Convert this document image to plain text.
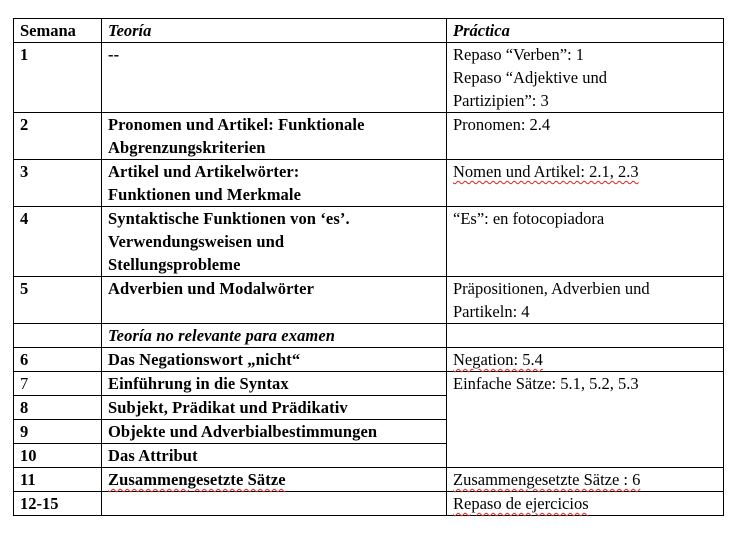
Semana	Teoría	Práctica
1	--	Repaso “Verben”: 1
Repaso “Adjektive und
Partizipien”: 3

2	Pronomen und Artikel: Funktionale
Abgrenzungskriterien	Pronomen: 2.4

3	Artikel und Artikelwörter:
Funktionen und Merkmale	Nomen und Artikel: 2.1, 2.3

4	Syntaktische Funktionen von ‘es’.
Verwendungsweisen und
Stellungsprobleme	“Es”: en fotocopiadora

5	Adverbien und Modalwörter	Präpositionen, Adverbien und
Partikeln: 4

	Teoría no relevante para examen	

6	Das Negationswort „nicht“	Negation: 5.4

7	Einführung in die Syntax	Einfache Sätze: 5.1, 5.2, 5.3

8	Subjekt, Prädikat und Prädikativ	

9	Objekte und Adverbialbestimmungen	

10	Das Attribut	

11	Zusammengesetzte Sätze	Zusammengesetzte Sätze : 6

12-15		Repaso de ejercicios
